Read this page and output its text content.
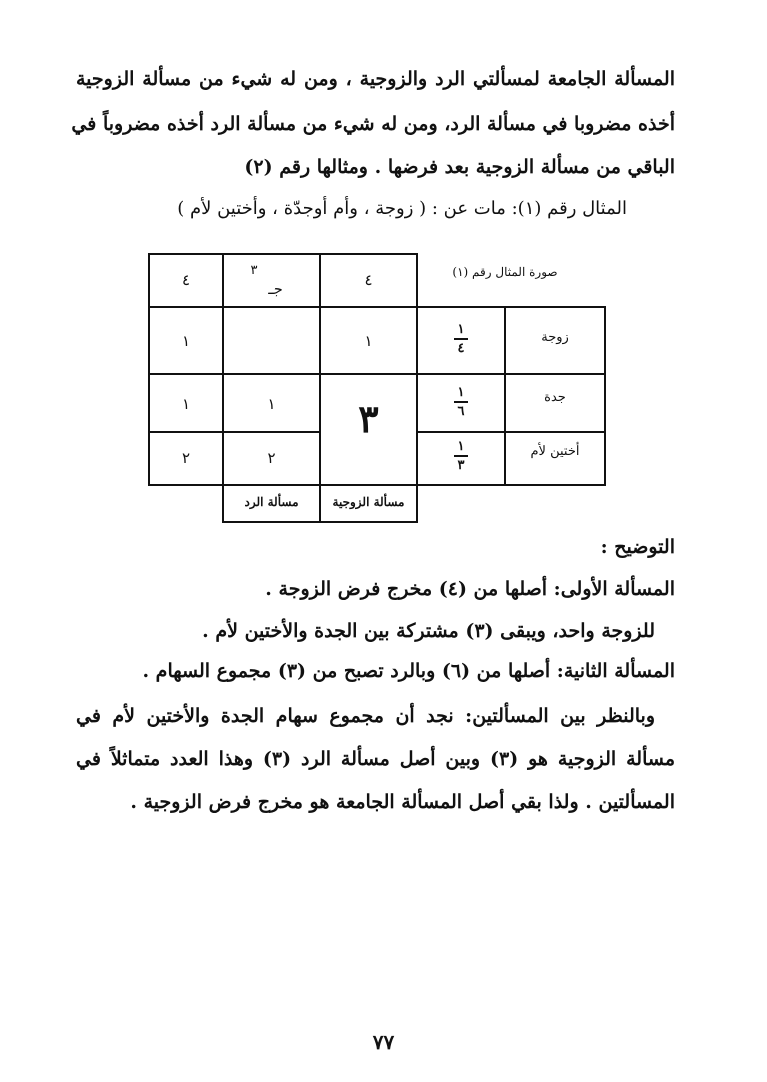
المسألة الجامعة لمسألتي الرد والزوجية ، ومن له شيء من مسألة الزوجية
أخذه مضروبا في مسألة الرد، ومن له شيء من مسألة الرد أخذه مضروباً في
الباقي من مسألة الزوجية بعد فرضها . ومثالها رقم (٢)
المثال رقم (١): مات عن : ( زوجة ، وأم أوجدّة ، وأختين لأم )
صورة المثال رقم (١)
٤
٣
جـ	٤
زوجة
١
٤
١
١
جدة
١
٦
١
١	٣
أختين لأم
١
٣
٢
٢
مسألة الزوجية
مسألة الرد
التوضيح :
المسألة الأولى: أصلها من (٤) مخرج فرض الزوجة .
للزوجة واحد، ويبقى (٣) مشتركة بين الجدة والأختين لأم .
المسألة الثانية: أصلها من (٦) وبالرد تصبح من (٣) مجموع السهام .
وبالنظر بين المسألتين: نجد أن مجموع سهام الجدة والأختين لأم في
مسألة الزوجية هو (٣) وبين أصل مسألة الرد (٣) وهذا العدد متماثلاً في
المسألتين . ولذا بقي أصل المسألة الجامعة هو مخرج فرض الزوجية .
٧٧
